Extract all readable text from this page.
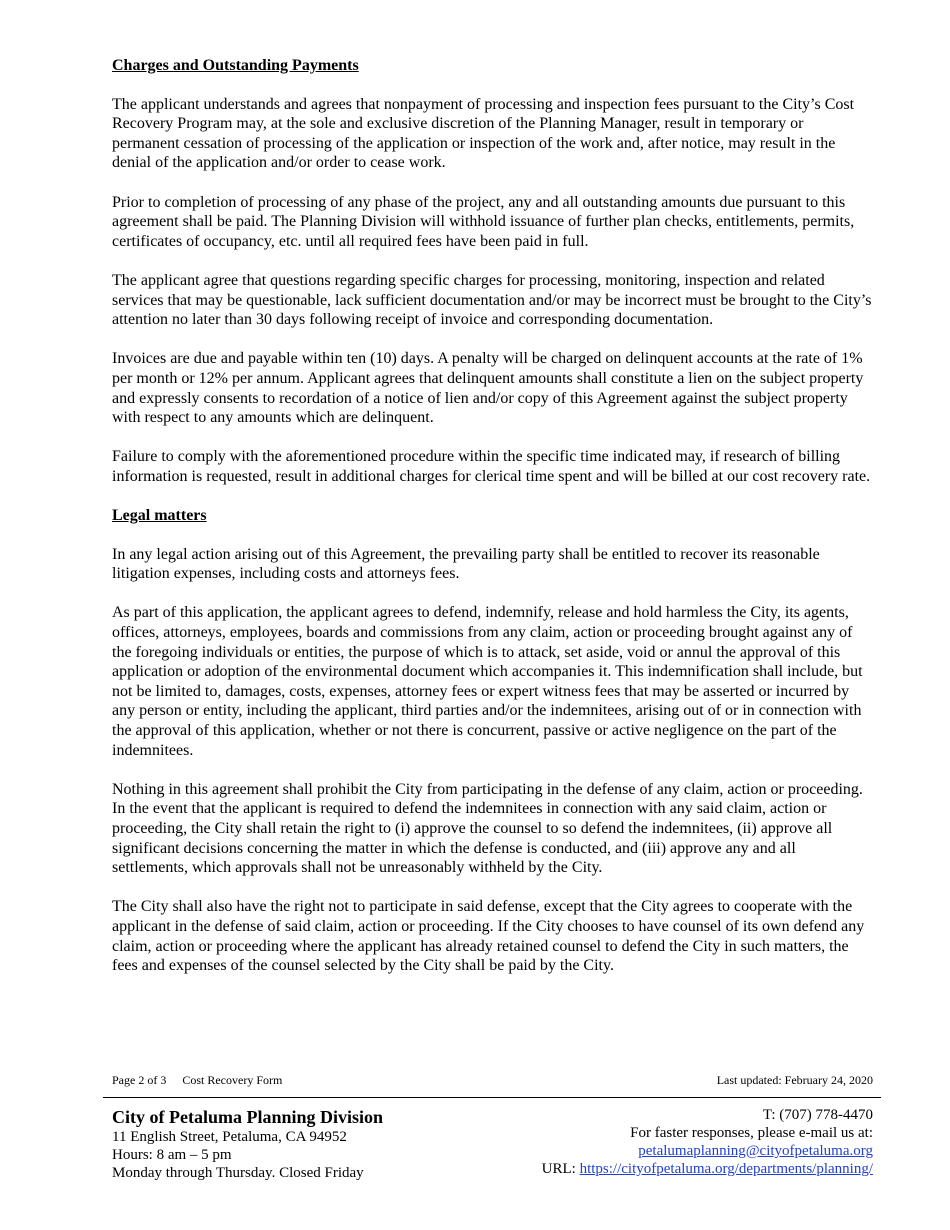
Charges and Outstanding Payments

The applicant understands and agrees that nonpayment of processing and inspection fees pursuant to the City’s Cost Recovery Program may, at the sole and exclusive discretion of the Planning Manager, result in temporary or permanent cessation of processing of the application or inspection of the work and, after notice, may result in the denial of the application and/or order to cease work.

Prior to completion of processing of any phase of the project, any and all outstanding amounts due pursuant to this agreement shall be paid. The Planning Division will withhold issuance of further plan checks, entitlements, permits, certificates of occupancy, etc. until all required fees have been paid in full.

The applicant agree that questions regarding specific charges for processing, monitoring, inspection and related services that may be questionable, lack sufficient documentation and/or may be incorrect must be brought to the City’s attention no later than 30 days following receipt of invoice and corresponding documentation.

Invoices are due and payable within ten (10) days. A penalty will be charged on delinquent accounts at the rate of 1% per month or 12% per annum. Applicant agrees that delinquent amounts shall constitute a lien on the subject property and expressly consents to recordation of a notice of lien and/or copy of this Agreement against the subject property with respect to any amounts which are delinquent.

Failure to comply with the aforementioned procedure within the specific time indicated may, if research of billing information is requested, result in additional charges for clerical time spent and will be billed at our cost recovery rate.

Legal matters

In any legal action arising out of this Agreement, the prevailing party shall be entitled to recover its reasonable litigation expenses, including costs and attorneys fees.

As part of this application, the applicant agrees to defend, indemnify, release and hold harmless the City, its agents, offices, attorneys, employees, boards and commissions from any claim, action or proceeding brought against any of the foregoing individuals or entities, the purpose of which is to attack, set aside, void or annul the approval of this application or adoption of the environmental document which accompanies it. This indemnification shall include, but not be limited to, damages, costs, expenses, attorney fees or expert witness fees that may be asserted or incurred by any person or entity, including the applicant, third parties and/or the indemnitees, arising out of or in connection with the approval of this application, whether or not there is concurrent, passive or active negligence on the part of the indemnitees.

Nothing in this agreement shall prohibit the City from participating in the defense of any claim, action or proceeding. In the event that the applicant is required to defend the indemnitees in connection with any said claim, action or proceeding, the City shall retain the right to (i) approve the counsel to so defend the indemnitees, (ii) approve all significant decisions concerning the matter in which the defense is conducted, and (iii) approve any and all settlements, which approvals shall not be unreasonably withheld by the City.

The City shall also have the right not to participate in said defense, except that the City agrees to cooperate with the applicant in the defense of said claim, action or proceeding. If the City chooses to have counsel of its own defend any claim, action or proceeding where the applicant has already retained counsel to defend the City in such matters, the fees and expenses of the counsel selected by the City shall be paid by the City.

Page 2 of 3 Cost Recovery Form	Last updated: February 24, 2020
City of Petaluma Planning Division
11 English Street, Petaluma, CA 94952
Hours: 8 am – 5 pm
Monday through Thursday. Closed Friday
T: (707) 778-4470
For faster responses, please e-mail us at:
petalumaplanning@cityofpetaluma.org
URL: https://cityofpetaluma.org/departments/planning/
